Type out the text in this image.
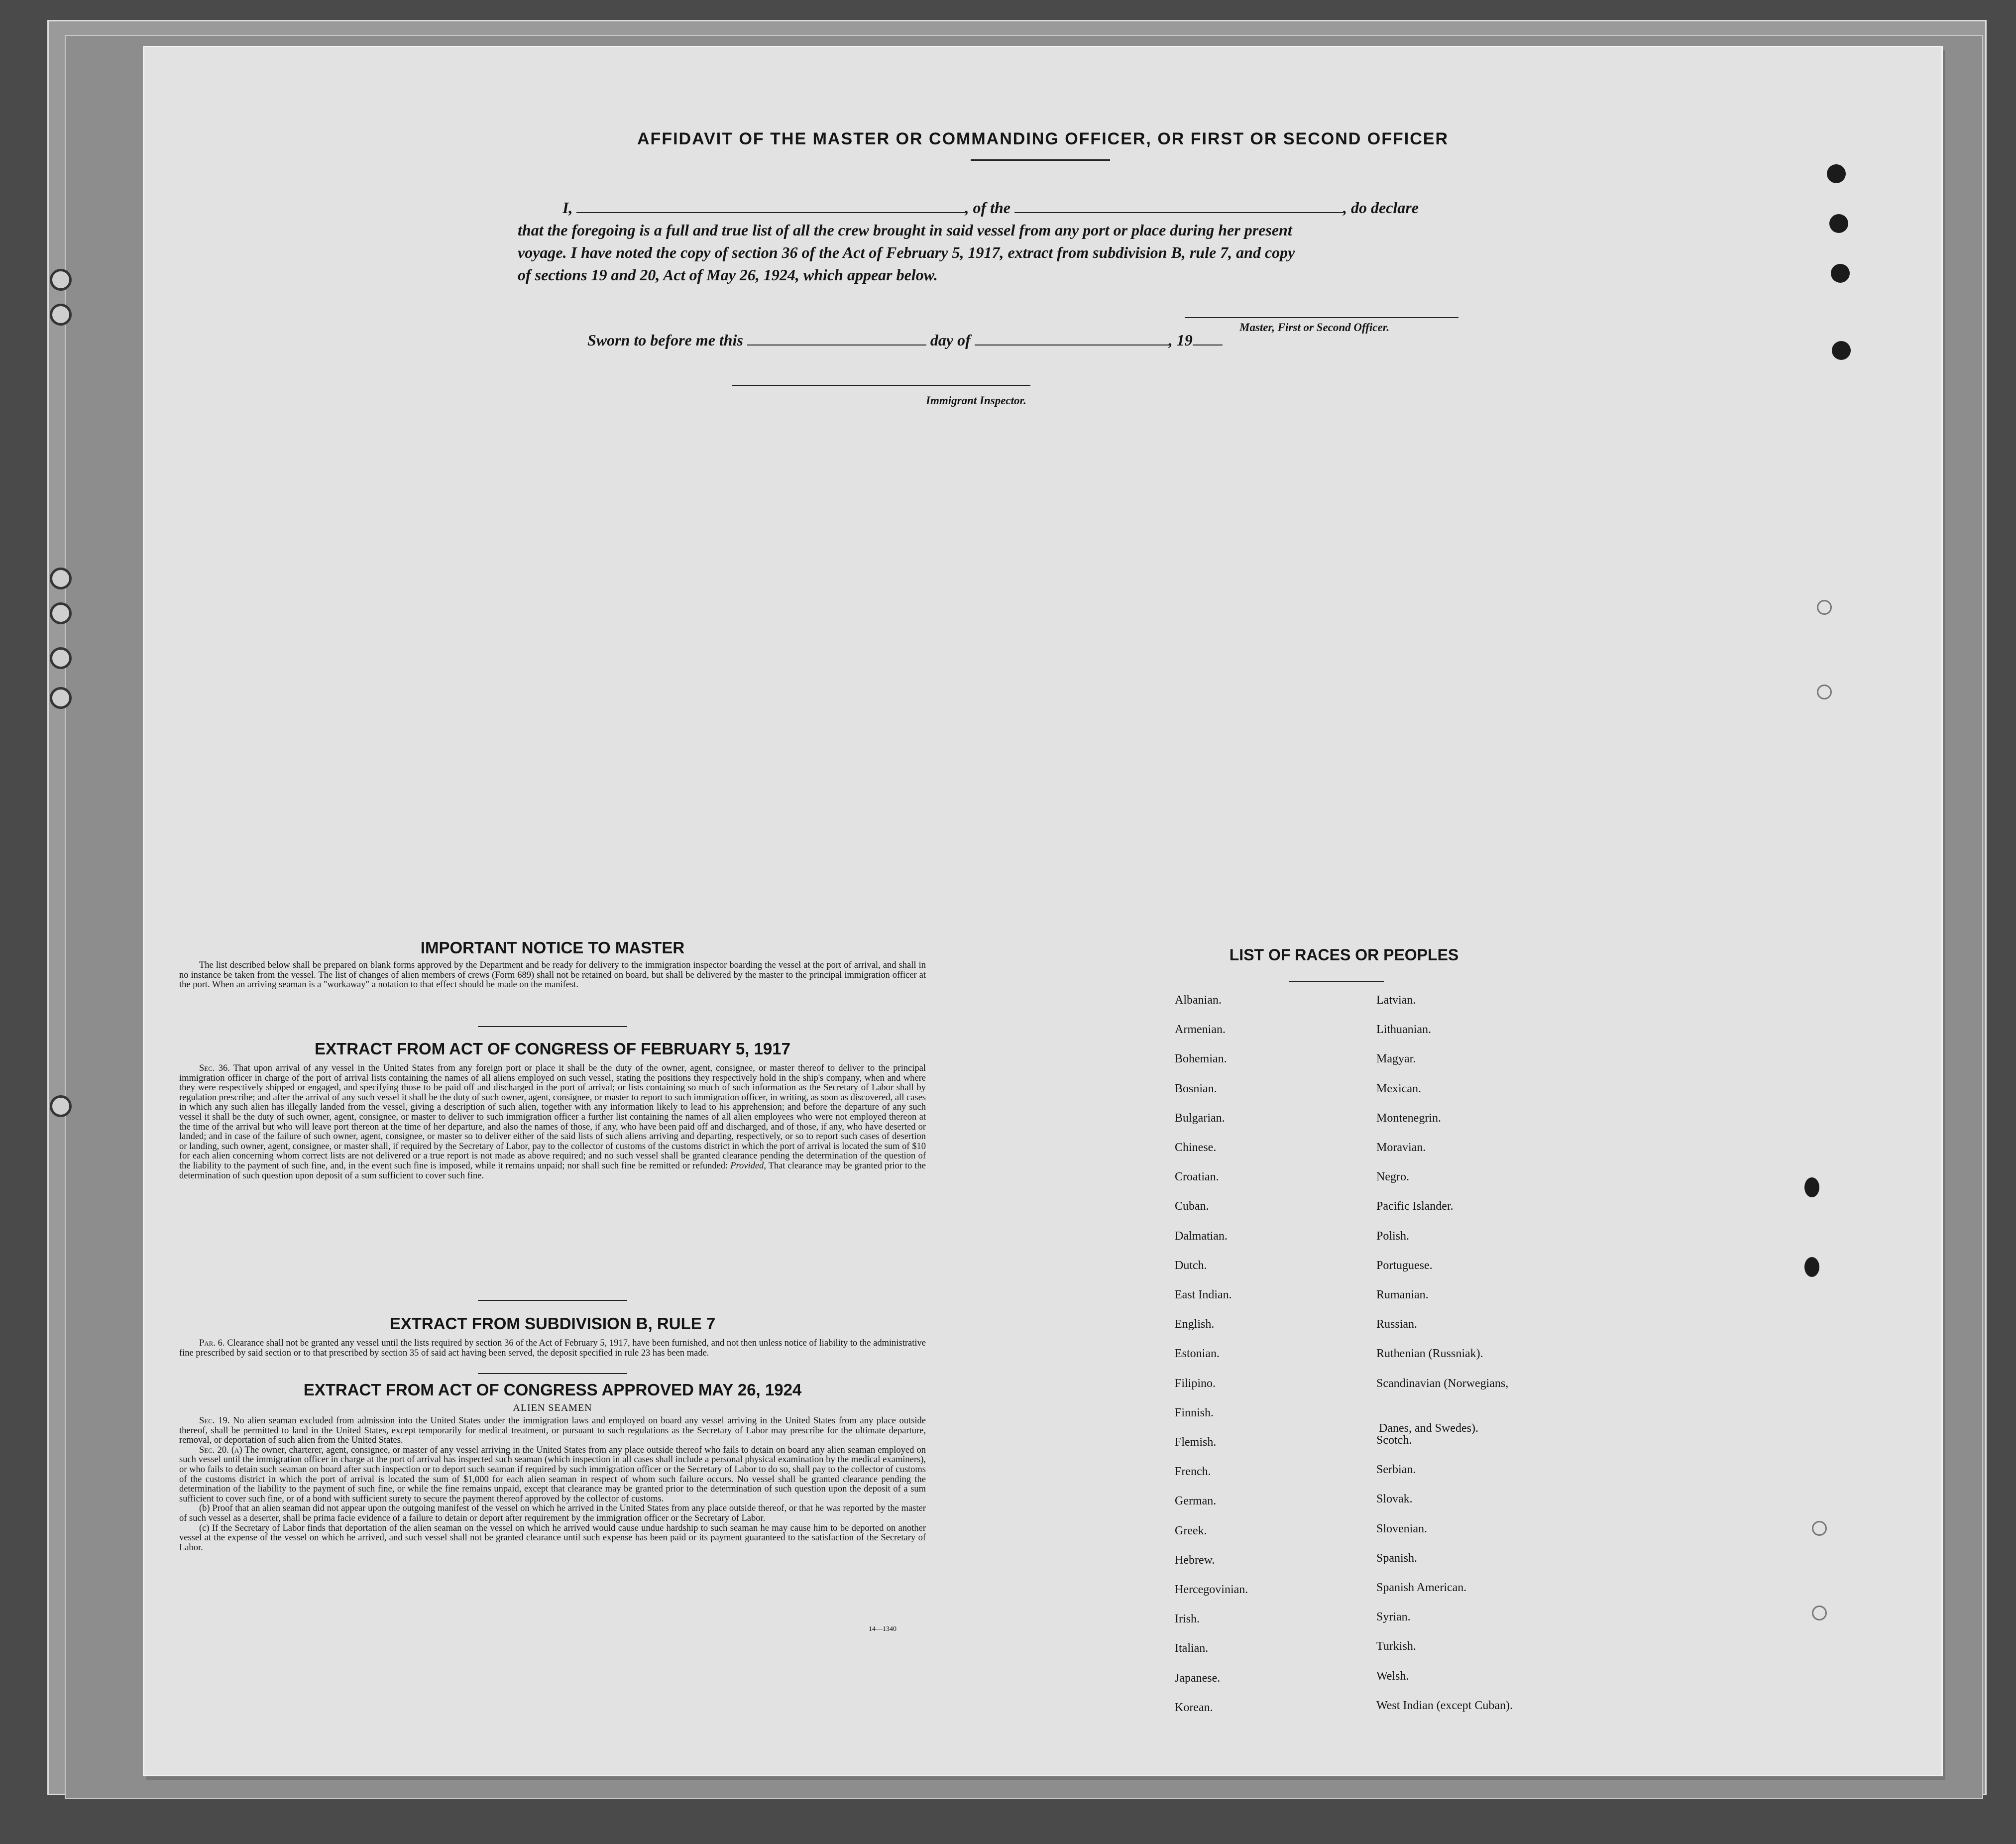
AFFIDAVIT OF THE MASTER OR COMMANDING OFFICER, OR FIRST OR SECOND OFFICER
I,	, of the	, do declare
that the foregoing is a full and true list of all the crew brought in said vessel from any port or place during her present
voyage. I have noted the copy of section 36 of the Act of February 5, 1917, extract from subdivision B, rule 7, and copy
of sections 19 and 20, Act of May 26, 1924, which appear below.
Master, First or Second Officer.
Sworn to before me this	day of	, 19
Immigrant Inspector.
IMPORTANT NOTICE TO MASTER

The list described below shall be prepared on blank forms approved by the Department and be ready for delivery to the immigration inspector boarding the vessel at the port of arrival, and shall in no instance be taken from the vessel. The list of changes of alien members of crews (Form 689) shall not be retained on board, but shall be delivered by the master to the principal immigration officer at the port. When an arriving seaman is a "workaway" a notation to that effect should be made on the manifest.

EXTRACT FROM ACT OF CONGRESS OF FEBRUARY 5, 1917

Sec. 36. That upon arrival of any vessel in the United States from any foreign port or place it shall be the duty of the owner, agent, consignee, or master thereof to deliver to the principal immigration officer in charge of the port of arrival lists containing the names of all aliens employed on such vessel, stating the positions they respectively hold in the ship's company, when and where they were respectively shipped or engaged, and specifying those to be paid off and discharged in the port of arrival; or lists containing so much of such information as the Secretary of Labor shall by regulation prescribe; and after the arrival of any such vessel it shall be the duty of such owner, agent, consignee, or master to report to such immigration officer, in writing, as soon as discovered, all cases in which any such alien has illegally landed from the vessel, giving a description of such alien, together with any information likely to lead to his apprehension; and before the departure of any such vessel it shall be the duty of such owner, agent, consignee, or master to deliver to such immigration officer a further list containing the names of all alien employees who were not employed thereon at the time of the arrival but who will leave port thereon at the time of her departure, and also the names of those, if any, who have been paid off and discharged, and of those, if any, who have deserted or landed; and in case of the failure of such owner, agent, consignee, or master so to deliver either of the said lists of such aliens arriving and departing, respectively, or so to report such cases of desertion or landing, such owner, agent, consignee, or master shall, if required by the Secretary of Labor, pay to the collector of customs of the customs district in which the port of arrival is located the sum of $10 for each alien concerning whom correct lists are not delivered or a true report is not made as above required; and no such vessel shall be granted clearance pending the determination of the question of the liability to the payment of such fine, and, in the event such fine is imposed, while it remains unpaid; nor shall such fine be remitted or refunded: Provided, That clearance may be granted prior to the determination of such question upon deposit of a sum sufficient to cover such fine.

EXTRACT FROM SUBDIVISION B, RULE 7

Par. 6. Clearance shall not be granted any vessel until the lists required by section 36 of the Act of February 5, 1917, have been furnished, and not then unless notice of liability to the administrative fine prescribed by said section or to that prescribed by section 35 of said act having been served, the deposit specified in rule 23 has been made.

EXTRACT FROM ACT OF CONGRESS APPROVED MAY 26, 1924
ALIEN SEAMEN

Sec. 19. No alien seaman excluded from admission into the United States under the immigration laws and employed on board any vessel arriving in the United States from any place outside thereof, shall be permitted to land in the United States, except temporarily for medical treatment, or pursuant to such regulations as the Secretary of Labor may prescribe for the ultimate departure, removal, or deportation of such alien from the United States.

Sec. 20. (a) The owner, charterer, agent, consignee, or master of any vessel arriving in the United States from any place outside thereof who fails to detain on board any alien seaman employed on such vessel until the immigration officer in charge at the port of arrival has inspected such seaman (which inspection in all cases shall include a personal physical examination by the medical examiners), or who fails to detain such seaman on board after such inspection or to deport such seaman if required by such immigration officer or the Secretary of Labor to do so, shall pay to the collector of customs of the customs district in which the port of arrival is located the sum of $1,000 for each alien seaman in respect of whom such failure occurs. No vessel shall be granted clearance pending the determination of the liability to the payment of such fine, or while the fine remains unpaid, except that clearance may be granted prior to the determination of such question upon the deposit of a sum sufficient to cover such fine, or of a bond with sufficient surety to secure the payment thereof approved by the collector of customs.

(b) Proof that an alien seaman did not appear upon the outgoing manifest of the vessel on which he arrived in the United States from any place outside thereof, or that he was reported by the master of such vessel as a deserter, shall be prima facie evidence of a failure to detain or deport after requirement by the immigration officer or the Secretary of Labor.

(c) If the Secretary of Labor finds that deportation of the alien seaman on the vessel on which he arrived would cause undue hardship to such seaman he may cause him to be deported on another vessel at the expense of the vessel on which he arrived, and such vessel shall not be granted clearance until such expense has been paid or its payment guaranteed to the satisfaction of the Secretary of Labor.

14—1340
LIST OF RACES OR PEOPLES
Albanian.
Armenian.
Bohemian.
Bosnian.
Bulgarian.
Chinese.
Croatian.
Cuban.
Dalmatian.
Dutch.
East Indian.
English.
Estonian.
Filipino.
Finnish.
Flemish.
French.
German.
Greek.
Hebrew.
Hercegovinian.
Irish.
Italian.
Japanese.
Korean.
Latvian.
Lithuanian.
Magyar.
Mexican.
Montenegrin.
Moravian.
Negro.
Pacific Islander.
Polish.
Portuguese.
Rumanian.
Russian.
Ruthenian (Russniak).
Scandinavian (Norwegians,
Scotch.
Serbian.
Slovak.
Slovenian.
Spanish.
Spanish American.
Syrian.
Turkish.
Welsh.
West Indian (except Cuban).
Danes, and Swedes).
